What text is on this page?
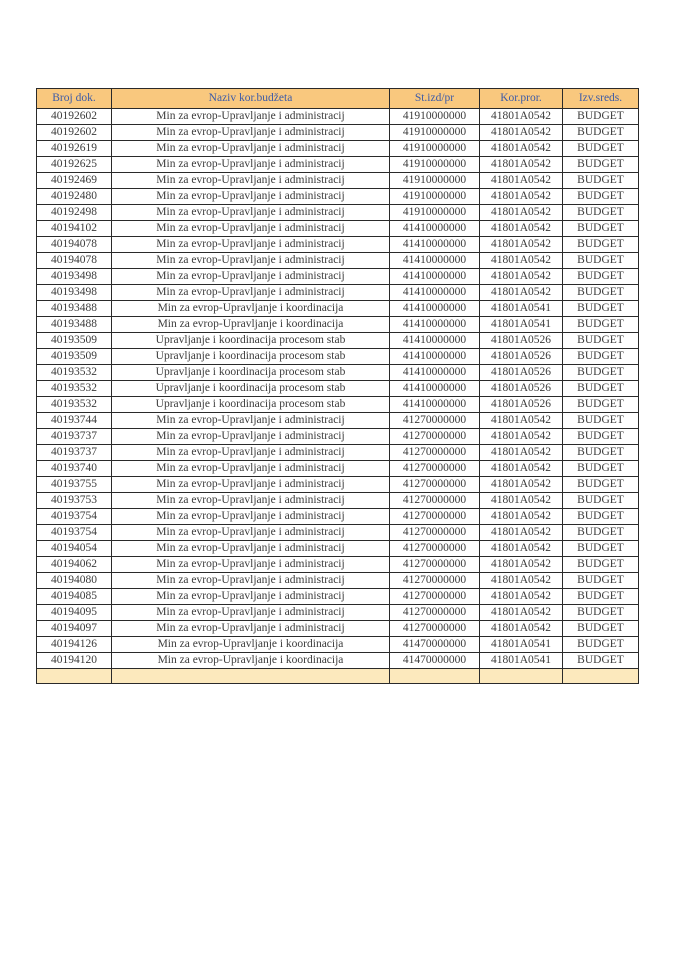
Broj dok.	Naziv kor.budžeta	St.izd/pr	Kor.pror.	Izv.sreds.
40192602	Min za evrop-Upravljanje i administracij	41910000000	41801A0542	BUDGET
40192602	Min za evrop-Upravljanje i administracij	41910000000	41801A0542	BUDGET
40192619	Min za evrop-Upravljanje i administracij	41910000000	41801A0542	BUDGET
40192625	Min za evrop-Upravljanje i administracij	41910000000	41801A0542	BUDGET
40192469	Min za evrop-Upravljanje i administracij	41910000000	41801A0542	BUDGET
40192480	Min za evrop-Upravljanje i administracij	41910000000	41801A0542	BUDGET
40192498	Min za evrop-Upravljanje i administracij	41910000000	41801A0542	BUDGET
40194102	Min za evrop-Upravljanje i administracij	41410000000	41801A0542	BUDGET
40194078	Min za evrop-Upravljanje i administracij	41410000000	41801A0542	BUDGET
40194078	Min za evrop-Upravljanje i administracij	41410000000	41801A0542	BUDGET
40193498	Min za evrop-Upravljanje i administracij	41410000000	41801A0542	BUDGET
40193498	Min za evrop-Upravljanje i administracij	41410000000	41801A0542	BUDGET
40193488	Min za evrop-Upravljanje i koordinacija	41410000000	41801A0541	BUDGET
40193488	Min za evrop-Upravljanje i koordinacija	41410000000	41801A0541	BUDGET
40193509	Upravljanje i koordinacija procesom stab	41410000000	41801A0526	BUDGET
40193509	Upravljanje i koordinacija procesom stab	41410000000	41801A0526	BUDGET
40193532	Upravljanje i koordinacija procesom stab	41410000000	41801A0526	BUDGET
40193532	Upravljanje i koordinacija procesom stab	41410000000	41801A0526	BUDGET
40193532	Upravljanje i koordinacija procesom stab	41410000000	41801A0526	BUDGET
40193744	Min za evrop-Upravljanje i administracij	41270000000	41801A0542	BUDGET
40193737	Min za evrop-Upravljanje i administracij	41270000000	41801A0542	BUDGET
40193737	Min za evrop-Upravljanje i administracij	41270000000	41801A0542	BUDGET
40193740	Min za evrop-Upravljanje i administracij	41270000000	41801A0542	BUDGET
40193755	Min za evrop-Upravljanje i administracij	41270000000	41801A0542	BUDGET
40193753	Min za evrop-Upravljanje i administracij	41270000000	41801A0542	BUDGET
40193754	Min za evrop-Upravljanje i administracij	41270000000	41801A0542	BUDGET
40193754	Min za evrop-Upravljanje i administracij	41270000000	41801A0542	BUDGET
40194054	Min za evrop-Upravljanje i administracij	41270000000	41801A0542	BUDGET
40194062	Min za evrop-Upravljanje i administracij	41270000000	41801A0542	BUDGET
40194080	Min za evrop-Upravljanje i administracij	41270000000	41801A0542	BUDGET
40194085	Min za evrop-Upravljanje i administracij	41270000000	41801A0542	BUDGET
40194095	Min za evrop-Upravljanje i administracij	41270000000	41801A0542	BUDGET
40194097	Min za evrop-Upravljanje i administracij	41270000000	41801A0542	BUDGET
40194126	Min za evrop-Upravljanje i koordinacija	41470000000	41801A0541	BUDGET
40194120	Min za evrop-Upravljanje i koordinacija	41470000000	41801A0541	BUDGET
